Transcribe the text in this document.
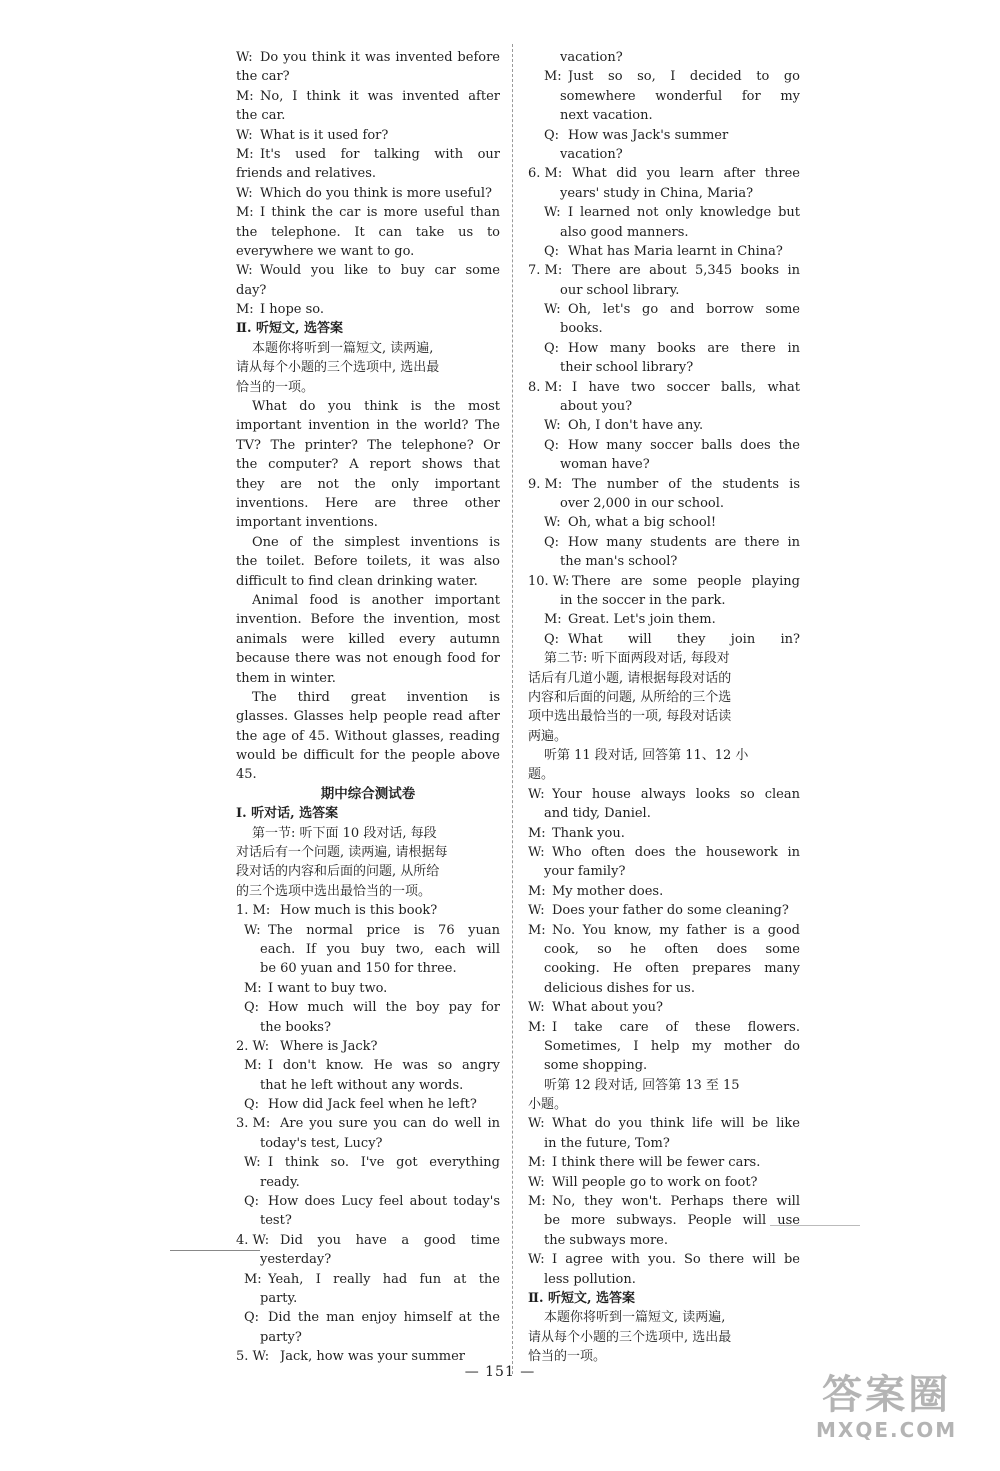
W: Do you think it was invented before
the car?
M: No, I think it was invented after
the car.
W: What is it used for?
M: It's used for talking with our
friends and relatives.
W: Which do you think is more useful?
M: I think the car is more useful than
the telephone. It can take us to
everywhere we want to go.
W: Would you like to buy car some
day?
M: I hope so.
Ⅱ. 听短文, 选答案
本题你将听到一篇短文, 读两遍,
请从每个小题的三个选项中, 选出最
恰当的一项。
What do you think is the most
important invention in the world? The
TV? The printer? The telephone? Or
the computer? A report shows that
they are not the only important
inventions. Here are three other
important inventions.
One of the simplest inventions is
the toilet. Before toilets, it was also
difficult to find clean drinking water.
Animal food is another important
invention. Before the invention, most
animals were killed every autumn
because there was not enough food for
them in winter.
The third great invention is
glasses. Glasses help people read after
the age of 45. Without glasses, reading
would be difficult for the people above
45.
期中综合测试卷
Ⅰ. 听对话, 选答案
第一节: 听下面 10 段对话, 每段
对话后有一个问题, 读两遍, 请根据每
段对话的内容和后面的问题, 从所给
的三个选项中选出最恰当的一项。
1. M: How much is this book?
W: The normal price is 76 yuan
each. If you buy two, each will
be 60 yuan and 150 for three.
M: I want to buy two.
Q: How much will the boy pay for
the books?
2. W: Where is Jack?
M: I don't know. He was so angry
that he left without any words.
Q: How did Jack feel when he left?
3. M: Are you sure you can do well in
today's test, Lucy?
W: I think so. I've got everything
ready.
Q: How does Lucy feel about today's
test?
4. W: Did you have a good time
yesterday?
M: Yeah, I really had fun at the
party.
Q: Did the man enjoy himself at the
party?
5. W: Jack, how was your summer
vacation?
M: Just so so, I decided to go
somewhere wonderful for my
next vacation.
Q: How was Jack's summer
vacation?
6. M: What did you learn after three
years' study in China, Maria?
W: I learned not only knowledge but
also good manners.
Q: What has Maria learnt in China?
7. M: There are about 5,345 books in
our school library.
W: Oh, let's go and borrow some
books.
Q: How many books are there in
their school library?
8. M: I have two soccer balls, what
about you?
W: Oh, I don't have any.
Q: How many soccer balls does the
woman have?
9. M: The number of the students is
over 2,000 in our school.
W: Oh, what a big school!
Q: How many students are there in
the man's school?
10. W: There are some people playing
in the soccer in the park.
M: Great. Let's join them.
Q: What will they join in?
第二节: 听下面两段对话, 每段对
话后有几道小题, 请根据每段对话的
内容和后面的问题, 从所给的三个选
项中选出最恰当的一项, 每段对话读
两遍。
听第 11 段对话, 回答第 11、12 小
题。
W: Your house always looks so clean
and tidy, Daniel.
M: Thank you.
W: Who often does the housework in
your family?
M: My mother does.
W: Does your father do some cleaning?
M: No. You know, my father is a good
cook, so he often does some
cooking. He often prepares many
delicious dishes for us.
W: What about you?
M: I take care of these flowers.
Sometimes, I help my mother do
some shopping.
听第 12 段对话, 回答第 13 至 15
小题。
W: What do you think life will be like
in the future, Tom?
M: I think there will be fewer cars.
W: Will people go to work on foot?
M: No, they won't. Perhaps there will
be more subways. People will use
the subways more.
W: I agree with you. So there will be
less pollution.
Ⅱ. 听短文, 选答案
本题你将听到一篇短文, 读两遍,
请从每个小题的三个选项中, 选出最
恰当的一项。
— 151 —	答案圈
MXQE.COM
